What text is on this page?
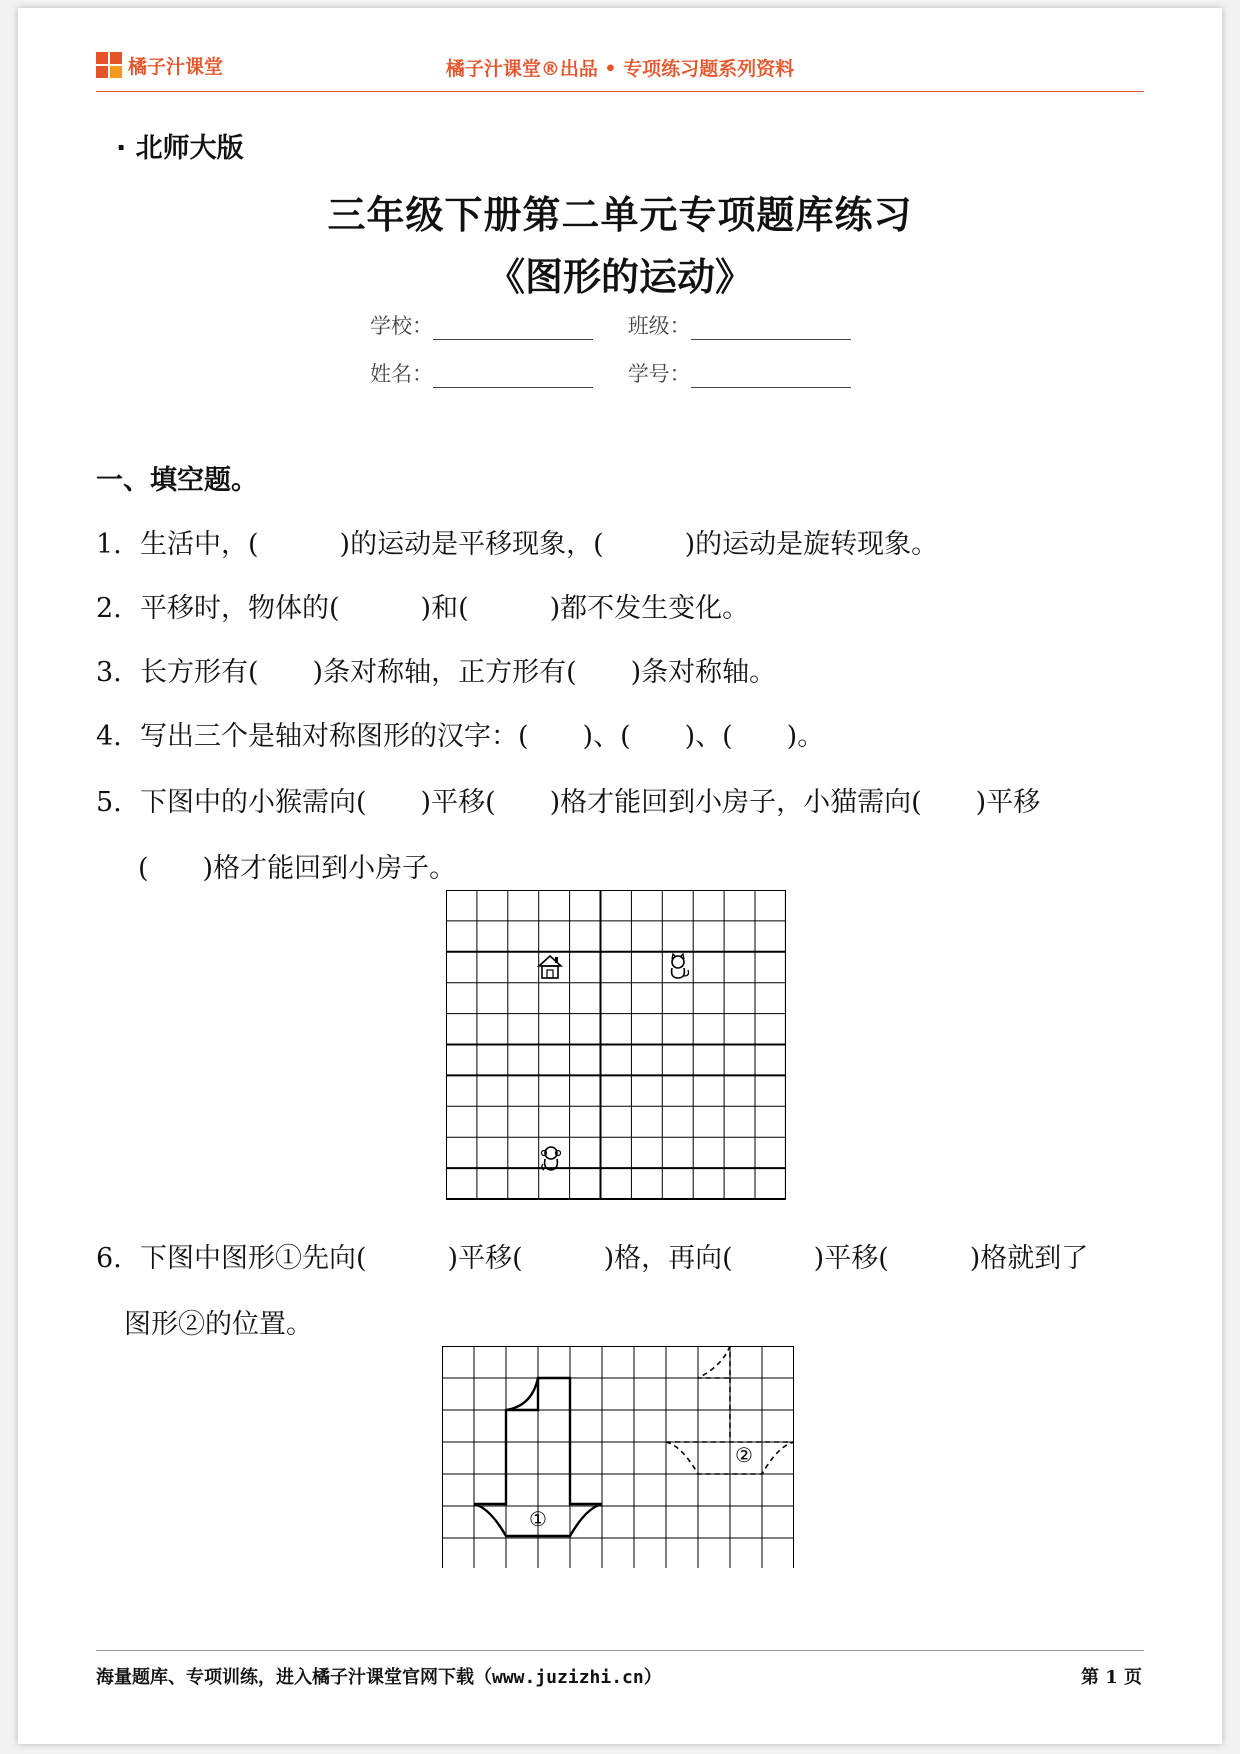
橘子汁课堂	橘子汁课堂®出品 • 专项练习题系列资料
· 北师大版
三年级下册第二单元专项题库练习
《图形的运动》
学校：	班级：
姓名：	学号：
一、填空题。
1. 生活中，(　　　)的运动是平移现象，(　　　)的运动是旋转现象。
2. 平移时，物体的(　　　)和(　　　)都不发生变化。
3. 长方形有(　　)条对称轴，正方形有(　　)条对称轴。
4. 写出三个是轴对称图形的汉字：(　　)、(　　)、(　　)。
5. 下图中的小猴需向(　　)平移(　　)格才能回到小房子，小猫需向(　　)平移
(　　)格才能回到小房子。
6. 下图中图形①先向(　　　)平移(　　　)格，再向(　　　)平移(　　　)格就到了
图形②的位置。
①
②
海量题库、专项训练，进入橘子汁课堂官网下载（www.juzizhi.cn）	第 1 页
